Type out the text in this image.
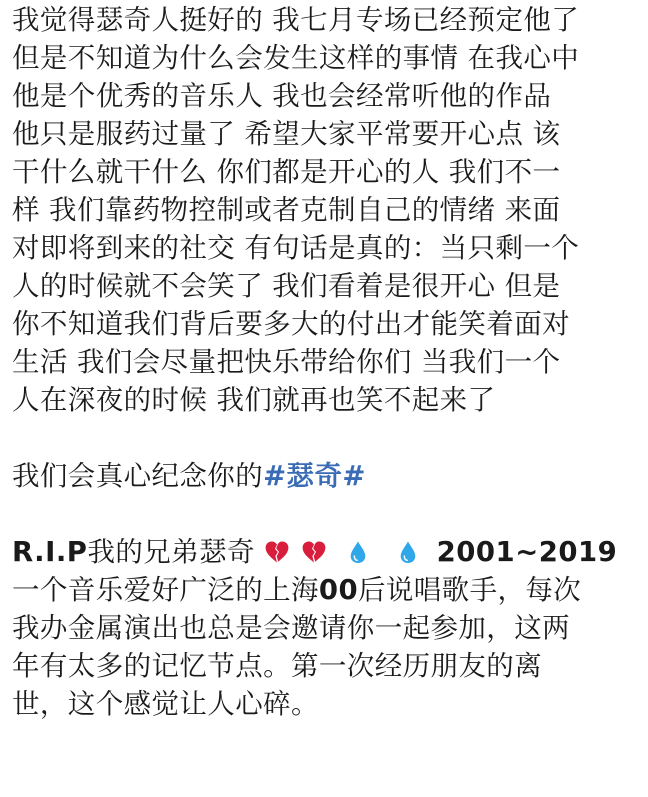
我觉得瑟奇人挺好的 我七月专场已经预定他了
但是不知道为什么会发生这样的事情 在我心中
他是个优秀的音乐人 我也会经常听他的作品
他只是服药过量了 希望大家平常要开心点 该
干什么就干什么 你们都是开心的人 我们不一
样 我们靠药物控制或者克制自己的情绪 来面
对即将到来的社交 有句话是真的：当只剩一个
人的时候就不会笑了 我们看着是很开心 但是
你不知道我们背后要多大的付出才能笑着面对
生活 我们会尽量把快乐带给你们 当我们一个
人在深夜的时候 我们就再也笑不起来了
我们会真心纪念你的#瑟奇#
R.I.P我的兄弟瑟奇	2001~2019
一个音乐爱好广泛的上海00后说唱歌手，每次
我办金属演出也总是会邀请你一起参加，这两
年有太多的记忆节点。第一次经历朋友的离
世，这个感觉让人心碎。
